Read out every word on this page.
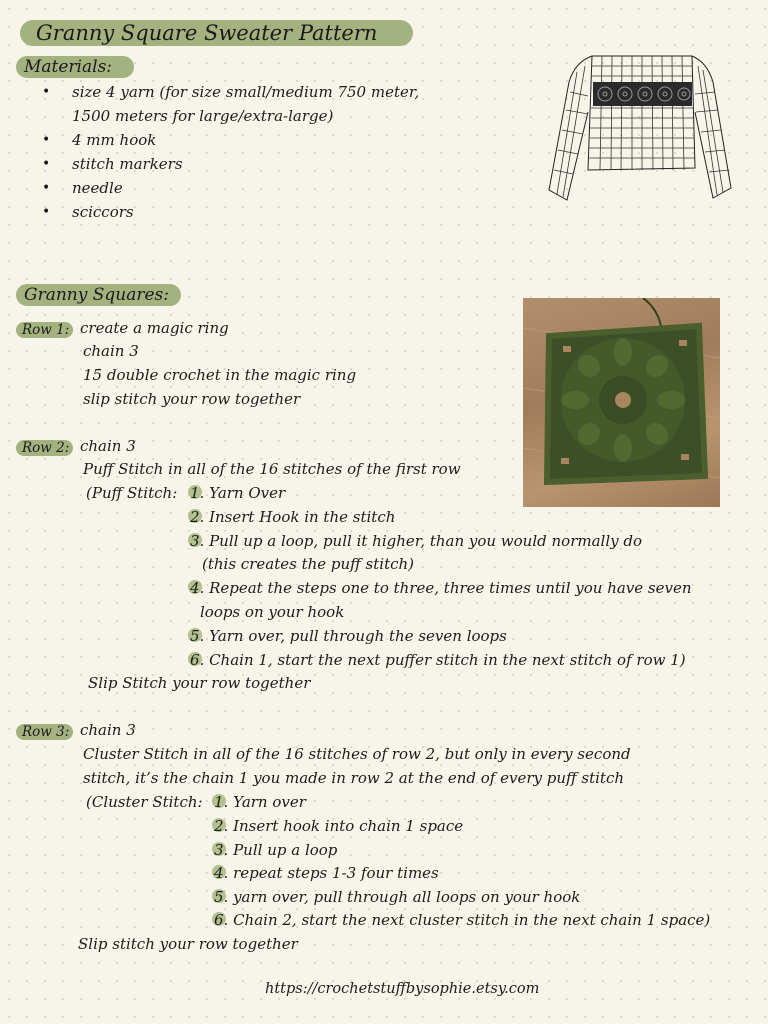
Granny Square Sweater Pattern
Materials:
• size 4 yarn (for size small/medium 750 meter,
1500 meters for large/extra-large)
• 4 mm hook
• stitch markers
• needle
• sciccors
Granny Squares:
Row 1: create a magic ring
chain 3
15 double crochet in the magic ring
slip stitch your row together
Row 2: chain 3
Puff Stitch in all of the 16 stitches of the first row
(Puff Stitch: 1. Yarn Over
2. Insert Hook in the stitch
3. Pull up a loop, pull it higher, than you would normally do
(this creates the puff stitch)
4. Repeat the steps one to three, three times until you have seven
loops on your hook
5. Yarn over, pull through the seven loops
6. Chain 1, start the next puffer stitch in the next stitch of row 1)
Slip Stitch your row together
Row 3: chain 3
Cluster Stitch in all of the 16 stitches of row 2, but only in every second
stitch, it’s the chain 1 you made in row 2 at the end of every puff stitch
(Cluster Stitch: 1. Yarn over
2. Insert hook into chain 1 space
3. Pull up a loop
4. repeat steps 1-3 four times
5. yarn over, pull through all loops on your hook
6. Chain 2, start the next cluster stitch in the next chain 1 space)
Slip stitch your row together
https://crochetstuffbysophie.etsy.com
